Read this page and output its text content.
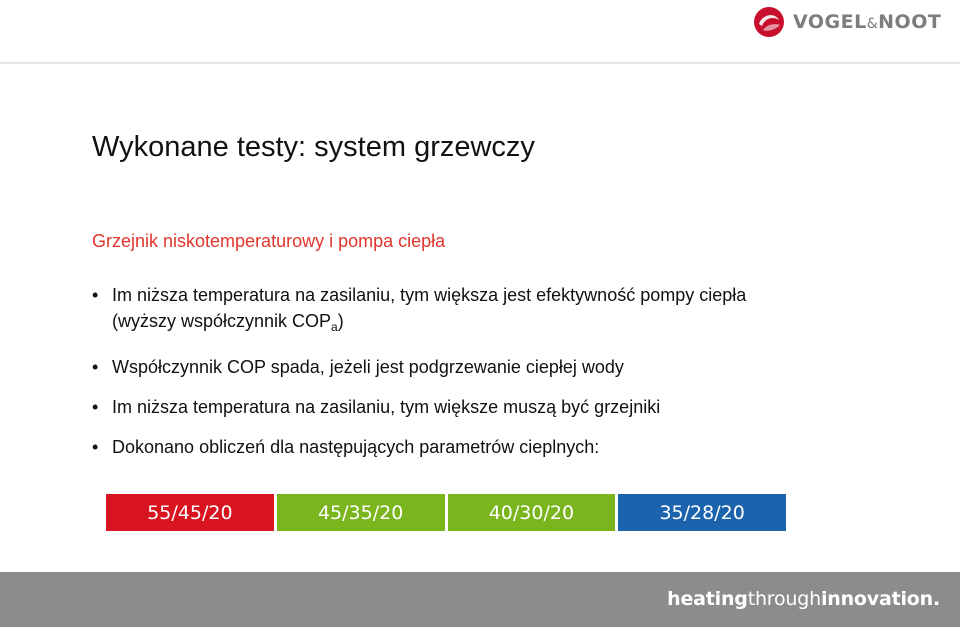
VOGEL&NOOT
Wykonane testy: system grzewczy

Grzejnik niskotemperaturowy i pompa ciepła

• Im niższa temperatura na zasilaniu, tym większa jest efektywność pompy ciepła
(wyższy współczynnik $COP_a$)
• Współczynnik COP spada, jeżeli jest podgrzewanie ciepłej wody
• Im niższa temperatura na zasilaniu, tym większe muszą być grzejniki
• Dokonano obliczeń dla następujących parametrów cieplnych:
55/45/20	45/35/20	40/30/20	35/28/20
heatingthroughinnovation.
